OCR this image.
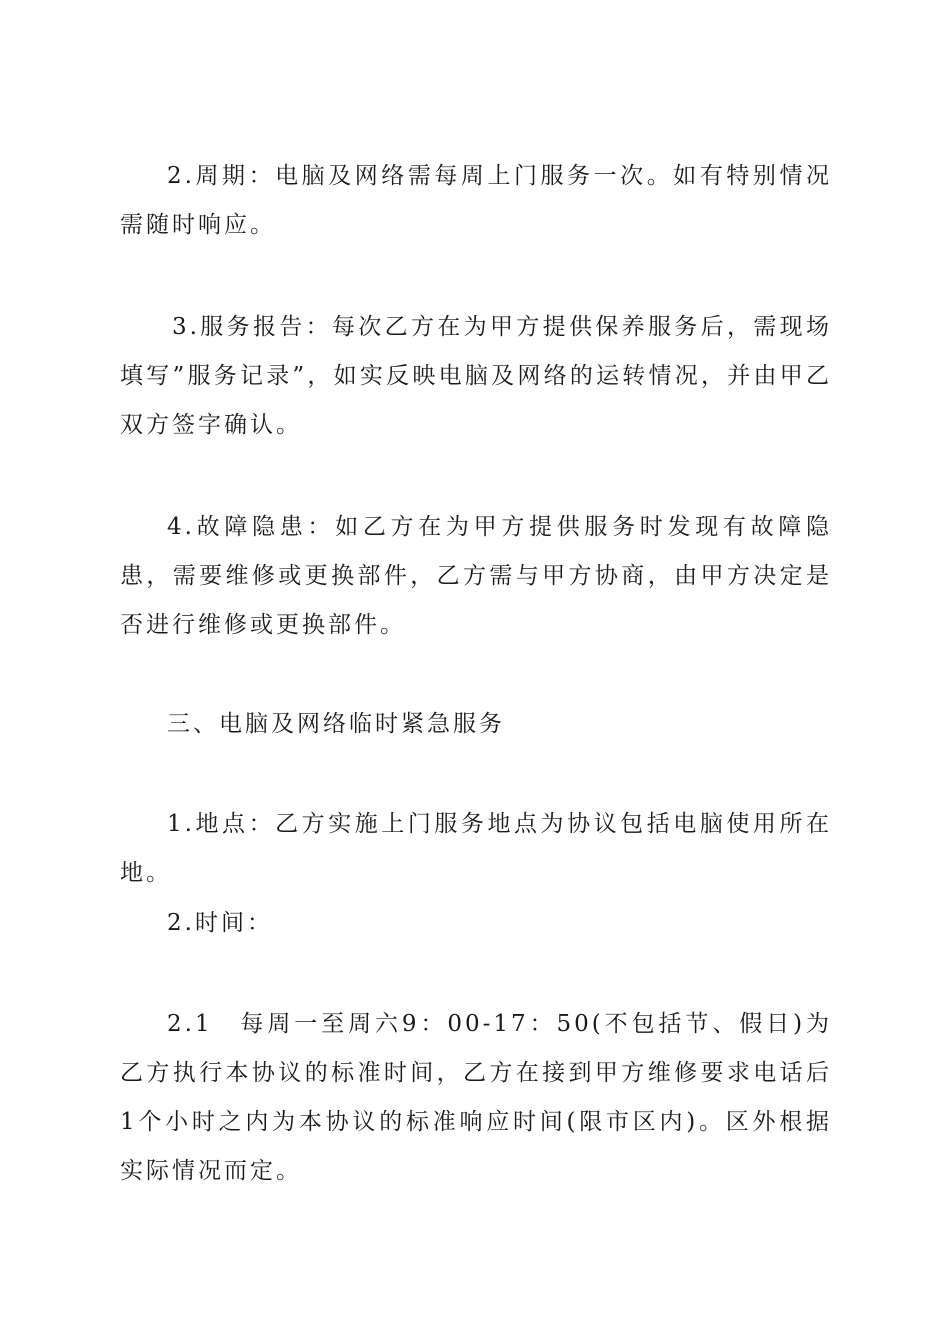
2.周期：电脑及网络需每周上门服务一次。如有特别情况需随时响应。

3.服务报告：每次乙方在为甲方提供保养服务后，需现场填写”服务记录”，如实反映电脑及网络的运转情况，并由甲乙双方签字确认。

4.故障隐患：如乙方在为甲方提供服务时发现有故障隐患，需要维修或更换部件，乙方需与甲方协商，由甲方决定是否进行维修或更换部件。

三、电脑及网络临时紧急服务

1.地点：乙方实施上门服务地点为协议包括电脑使用所在地。

2.时间：

2.1　每周一至周六9：00-17：50(不包括节、假日)为乙方执行本协议的标准时间，乙方在接到甲方维修要求电话后1个小时之内为本协议的标准响应时间(限市区内)。区外根据实际情况而定。
